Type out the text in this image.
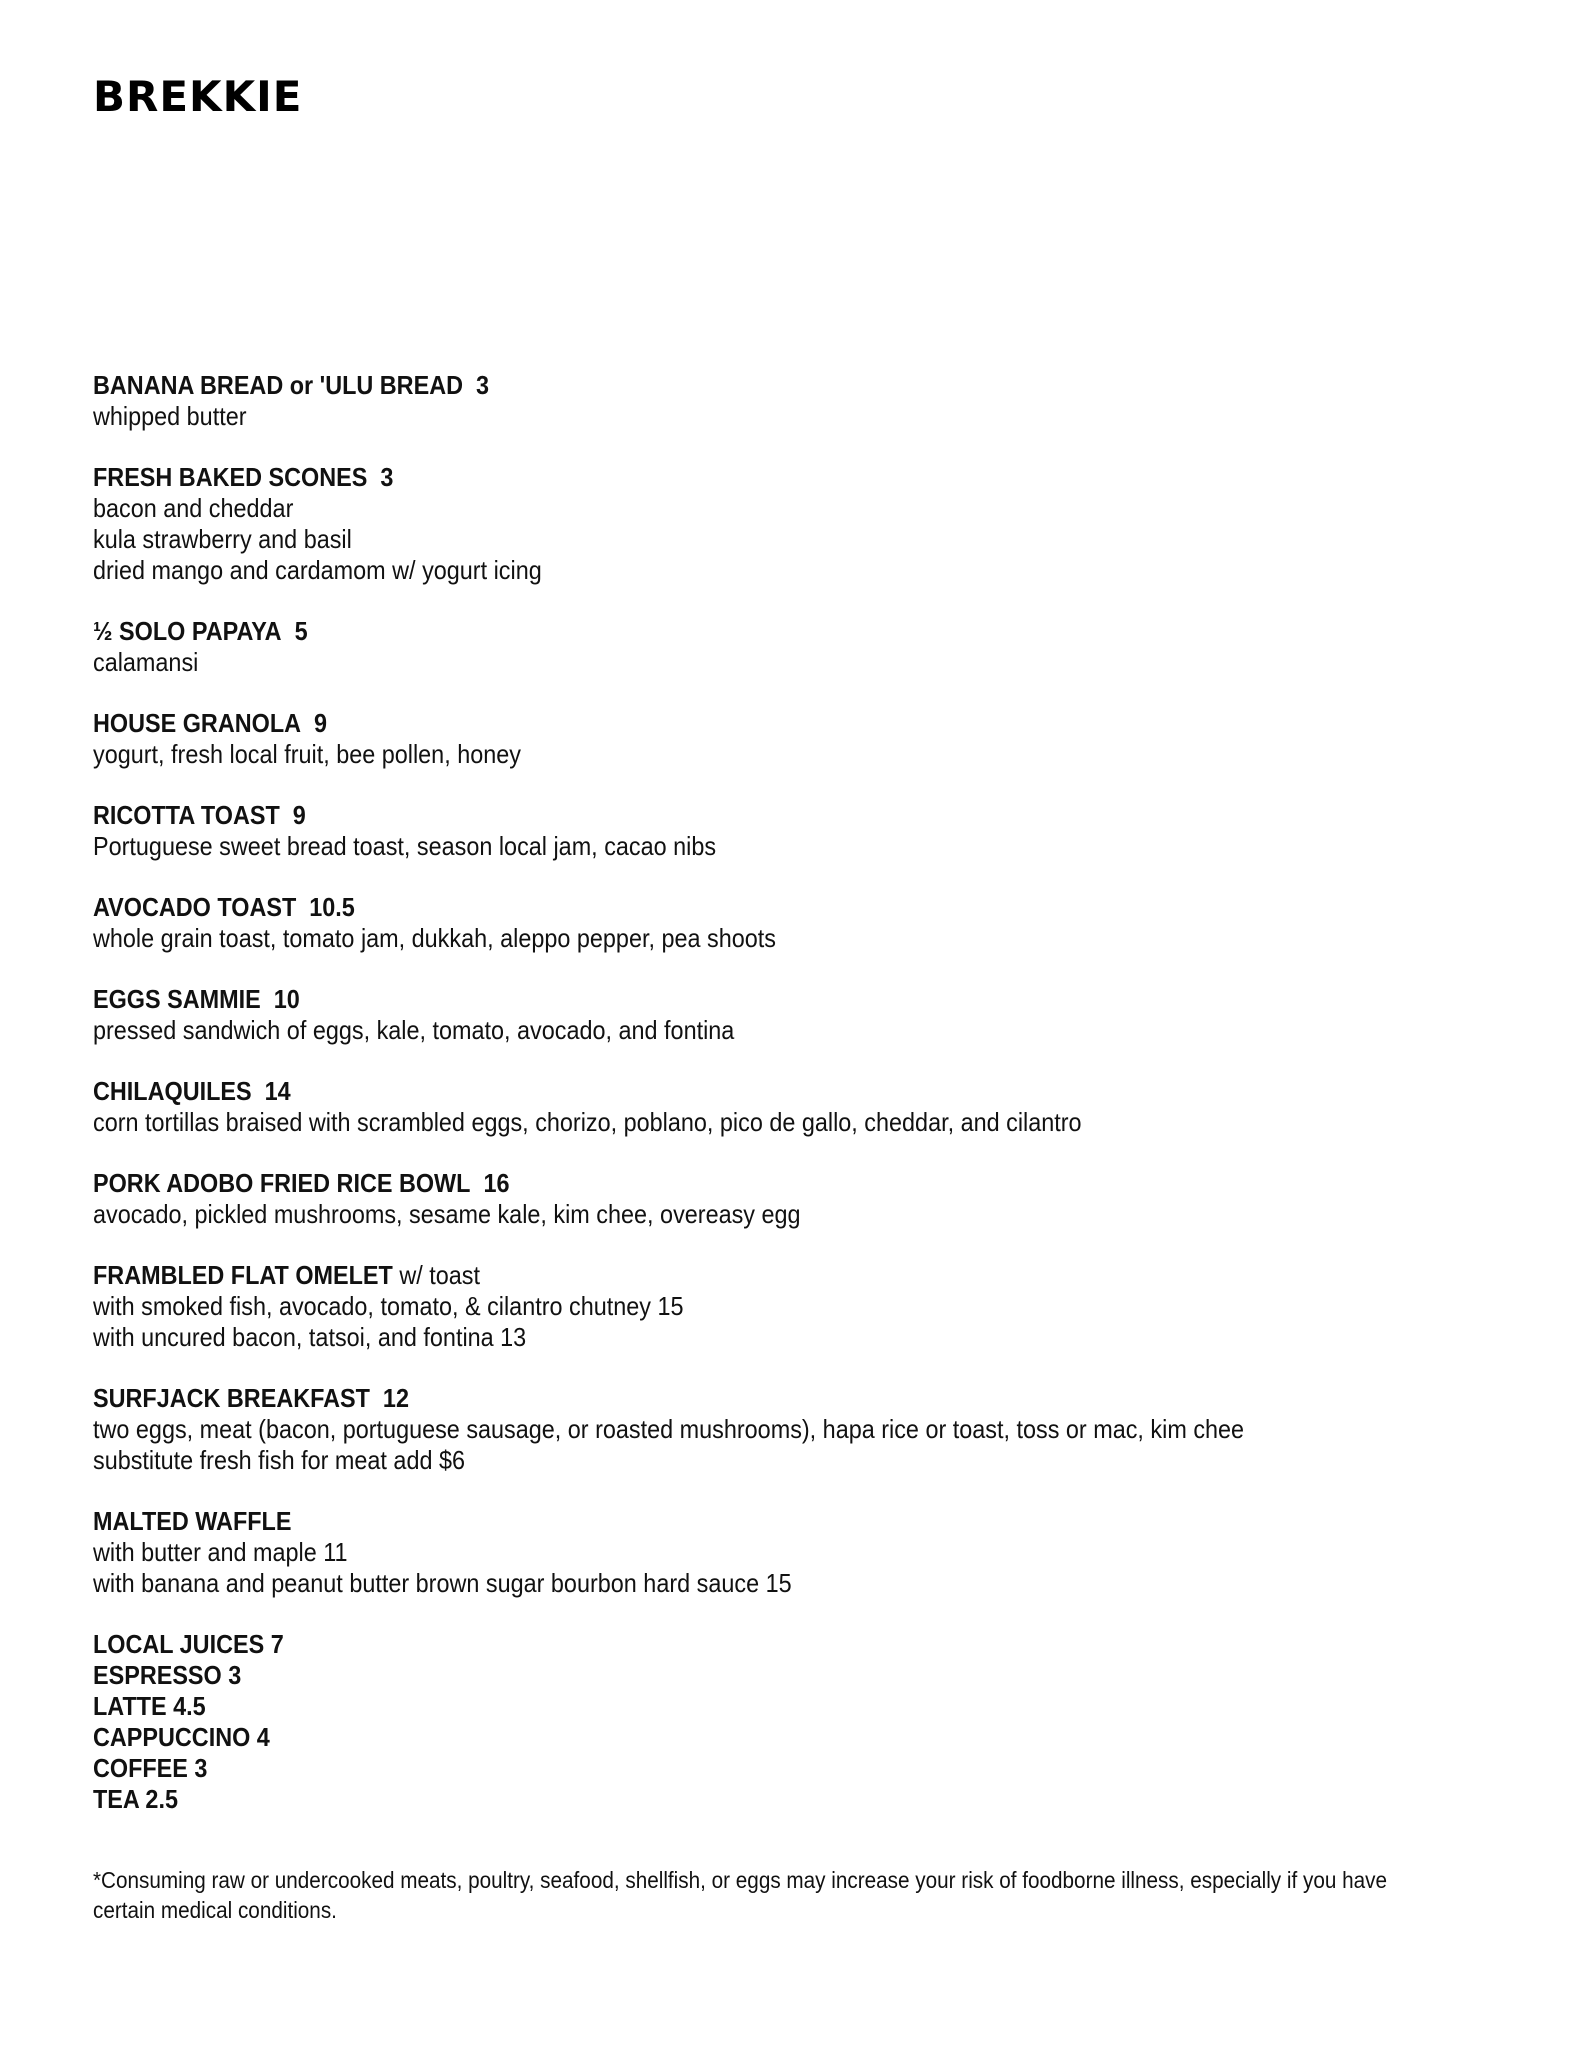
BREKKIE
BANANA BREAD or 'ULU BREAD 3
whipped butter
FRESH BAKED SCONES 3
bacon and cheddar
kula strawberry and basil
dried mango and cardamom w/ yogurt icing
½ SOLO PAPAYA 5
calamansi
HOUSE GRANOLA 9
yogurt, fresh local fruit, bee pollen, honey
RICOTTA TOAST 9
Portuguese sweet bread toast, season local jam, cacao nibs
AVOCADO TOAST 10.5
whole grain toast, tomato jam, dukkah, aleppo pepper, pea shoots
EGGS SAMMIE 10
pressed sandwich of eggs, kale, tomato, avocado, and fontina
CHILAQUILES 14
corn tortillas braised with scrambled eggs, chorizo, poblano, pico de gallo, cheddar, and cilantro
PORK ADOBO FRIED RICE BOWL 16
avocado, pickled mushrooms, sesame kale, kim chee, overeasy egg
FRAMBLED FLAT OMELET w/ toast
with smoked fish, avocado, tomato, & cilantro chutney 15
with uncured bacon, tatsoi, and fontina 13
SURFJACK BREAKFAST 12
two eggs, meat (bacon, portuguese sausage, or roasted mushrooms), hapa rice or toast, toss or mac, kim chee
substitute fresh fish for meat add $6
MALTED WAFFLE
with butter and maple 11
with banana and peanut butter brown sugar bourbon hard sauce 15
LOCAL JUICES 7
ESPRESSO 3
LATTE 4.5
CAPPUCCINO 4
COFFEE 3
TEA 2.5
*Consuming raw or undercooked meats, poultry, seafood, shellfish, or eggs may increase your risk of foodborne illness, especially if you have
certain medical conditions.
